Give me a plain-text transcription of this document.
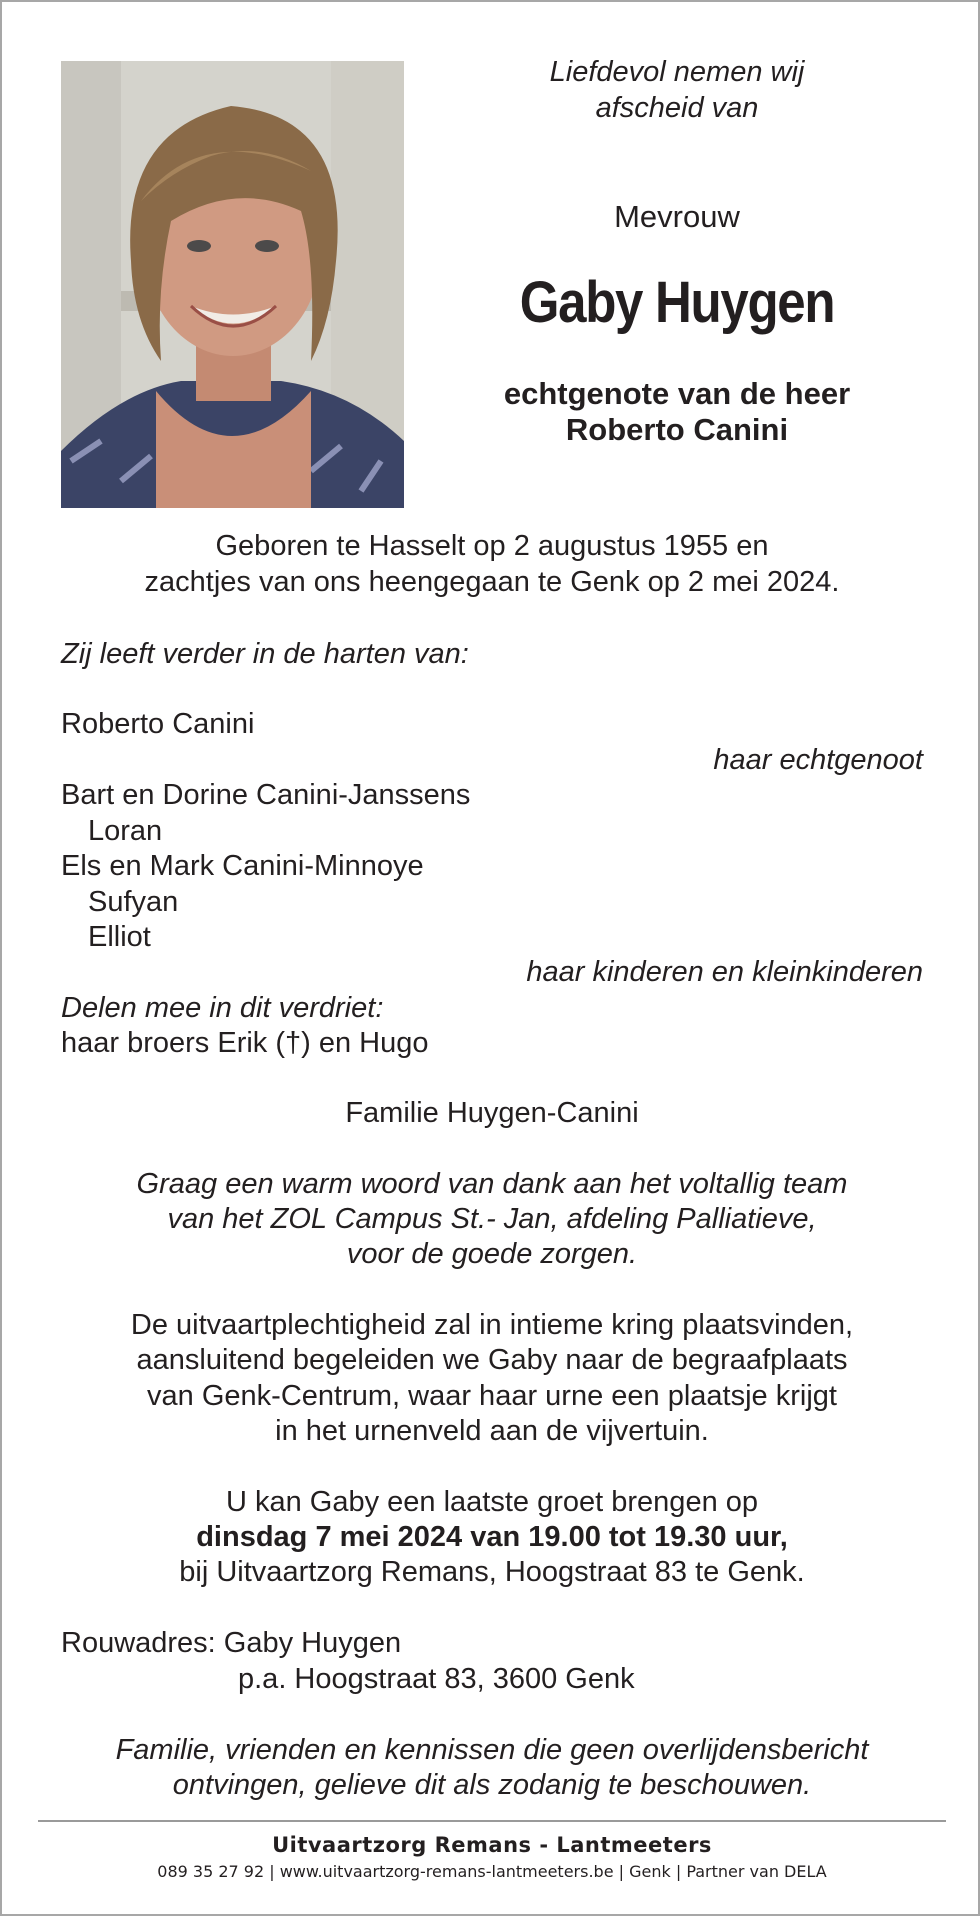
Liefdevol nemen wij

afscheid van

Mevrouw

Gaby Huygen

echtgenote van de heer

Roberto Canini

Geboren te Hasselt op 2 augustus 1955 en

zachtjes van ons heengegaan te Genk op 2 mei 2024.

Zij leeft verder in de harten van:

Roberto Canini

haar echtgenoot

Bart en Dorine Canini-Janssens

Loran

Els en Mark Canini-Minnoye

Sufyan

Elliot

haar kinderen en kleinkinderen

Delen mee in dit verdriet:

haar broers Erik (†) en Hugo

Familie Huygen-Canini

Graag een warm woord van dank aan het voltallig team

van het ZOL Campus St.- Jan, afdeling Palliatieve,

voor de goede zorgen.

De uitvaartplechtigheid zal in intieme kring plaatsvinden,

aansluitend begeleiden we Gaby naar de begraafplaats

van Genk-Centrum, waar haar urne een plaatsje krijgt

in het urnenveld aan de vijvertuin.

U kan Gaby een laatste groet brengen op

dinsdag 7 mei 2024 van 19.00 tot 19.30 uur,

bij Uitvaartzorg Remans, Hoogstraat 83 te Genk.

Rouwadres: Gaby Huygen

p.a. Hoogstraat 83, 3600 Genk

Familie, vrienden en kennissen die geen overlijdensbericht

ontvingen, gelieve dit als zodanig te beschouwen.

Uitvaartzorg Remans - Lantmeeters

089 35 27 92 | www.uitvaartzorg-remans-lantmeeters.be | Genk | Partner van DELA
